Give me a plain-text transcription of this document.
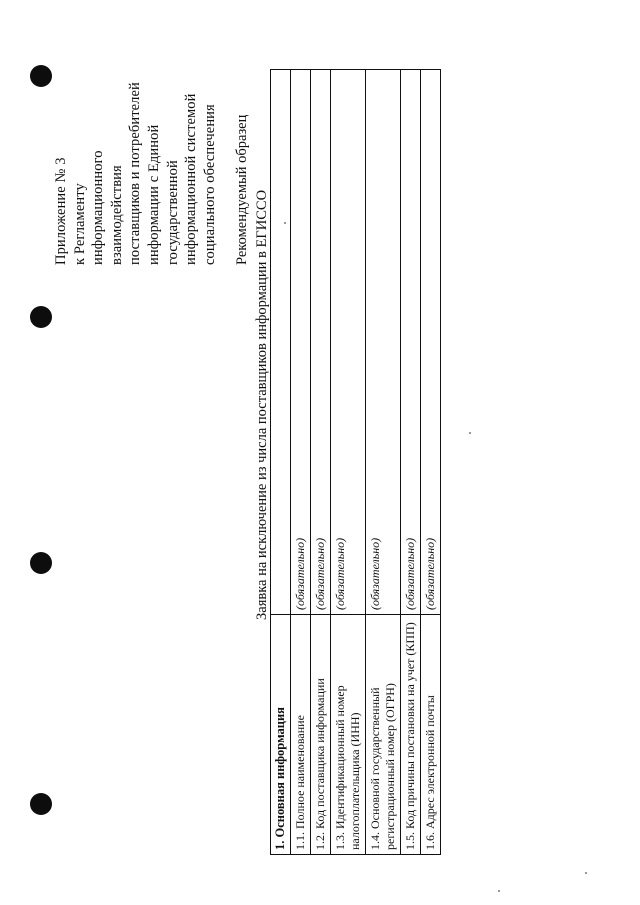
Приложение № 3 к Регламенту информационного взаимодействия поставщиков и потребителей информации с Единой государственной информационной системой социального обеспечения Рекомендуемый образец
Заявка на исключение из числа поставщиков информации в ЕГИССО
1. Основная информация 1.1. Полное наименование
(обязательно)
1.2. Код поставщика информации
(обязательно)
1.3. Идентификационный номер налогоплательщика (ИНН)
(обязательно)
1.4. Основной государственный регистрационный номер (ОГРН)
(обязательно)
1.5. Код причины постановки на учет (КПП)
(обязательно)
1.6. Адрес электронной почты
(обязательно)
